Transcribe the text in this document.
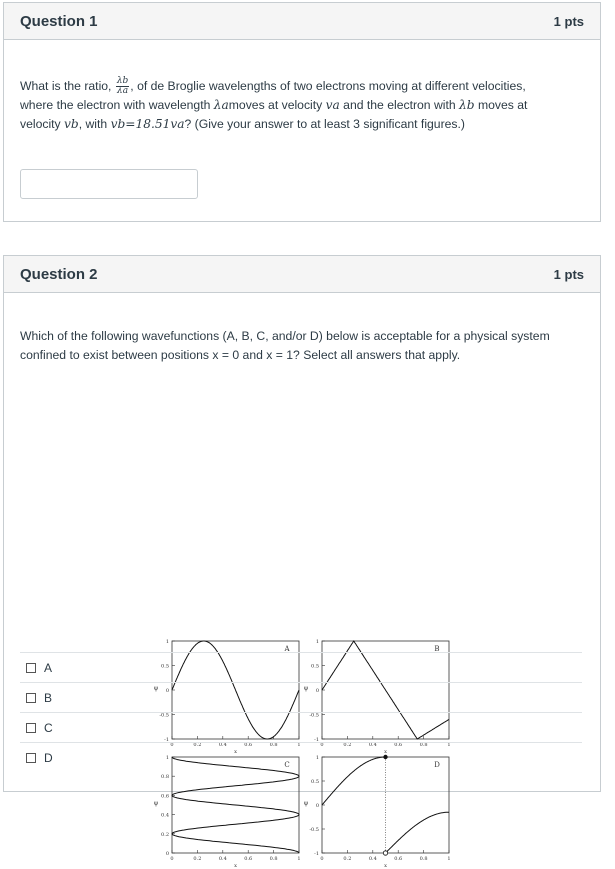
Question 1	1 pts
What is the ratio, $\frac{\lambda b}{\lambda a}$ , of de Broglie wavelengths of two electrons moving at different velocities,
where the electron with wavelength λamoves at velocity va and the electron with λb moves at
velocity vb, with vb=18.51va? (Give your answer to at least 3 significant figures.)
Question 2	1 pts
Which of the following wavefunctions (A, B, C, and/or D) below is acceptable for a physical system confined to exist between positions x = 0 and x = 1? Select all answers that apply.
A
0	0.2	0.4	0.6	0.8	1
x
1
0.5
0
-0.5
-1
ψ
B
0	0.2	0.4	0.6	0.8	1
x
1
0.5
0
-0.5
-1
ψ
C
0	0.2	0.4	0.6	0.8	1
x
1
0.8
0.6
0.4
0.2
0
ψ
D
0	0.2	0.4	0.6	0.8	1
x
1
0.5
0
-0.5
-1
ψ
A
B
C
D
